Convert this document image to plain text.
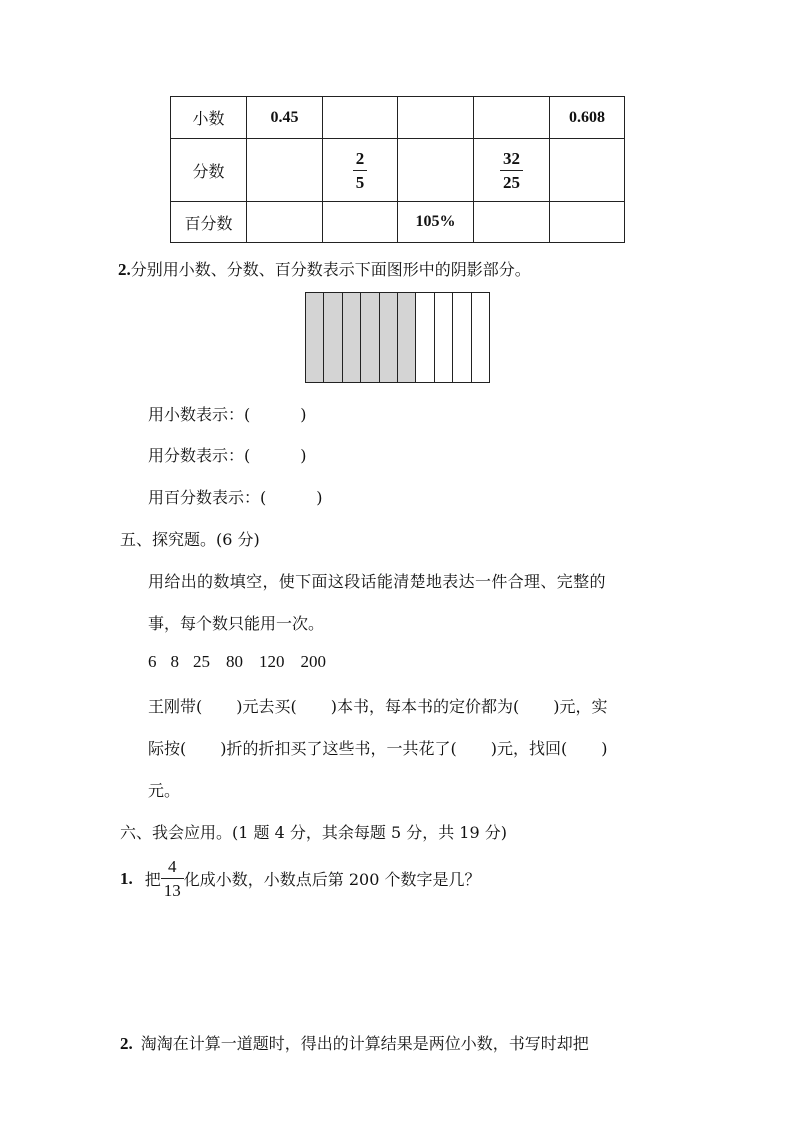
小数	0.45				0.608
分数		$\frac{2}{5}$		$\frac{32}{25}$

百分数			105%		
2.分别用小数、分数、百分数表示下面图形中的阴影部分。
用小数表示：(	)
用分数表示：(	)
用百分数表示：(	)
五、探究题。(6 分)
用给出的数填空，使下面这段话能清楚地表达一件合理、完整的
事，每个数只能用一次。
6 8 25 80 120 200
王刚带( )元去买( )本书，每本书的定价都为( )元，实
际按( )折的折扣买了这些书，一共花了( )元，找回( )
元。
六、我会应用。(1 题 4 分，其余每题 5 分，共 19 分)
1. 把 $\frac{4}{13}$ 化成小数，小数点后第 200 个数字是几？
2. 淘淘在计算一道题时，得出的计算结果是两位小数，书写时却把
